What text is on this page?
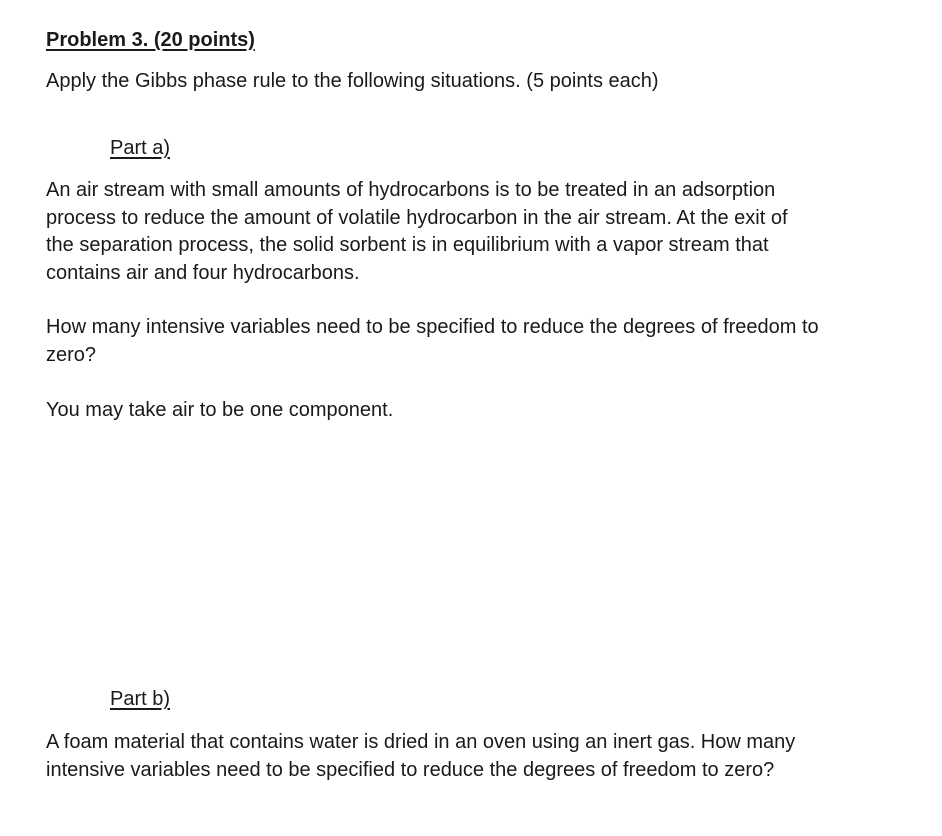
Problem 3. (20 points)

Apply the Gibbs phase rule to the following situations. (5 points each)

Part a)

An air stream with small amounts of hydrocarbons is to be treated in an adsorption
process to reduce the amount of volatile hydrocarbon in the air stream. At the exit of
the separation process, the solid sorbent is in equilibrium with a vapor stream that
contains air and four hydrocarbons.

How many intensive variables need to be specified to reduce the degrees of freedom to
zero?

You may take air to be one component.

Part b)

A foam material that contains water is dried in an oven using an inert gas. How many
intensive variables need to be specified to reduce the degrees of freedom to zero?
